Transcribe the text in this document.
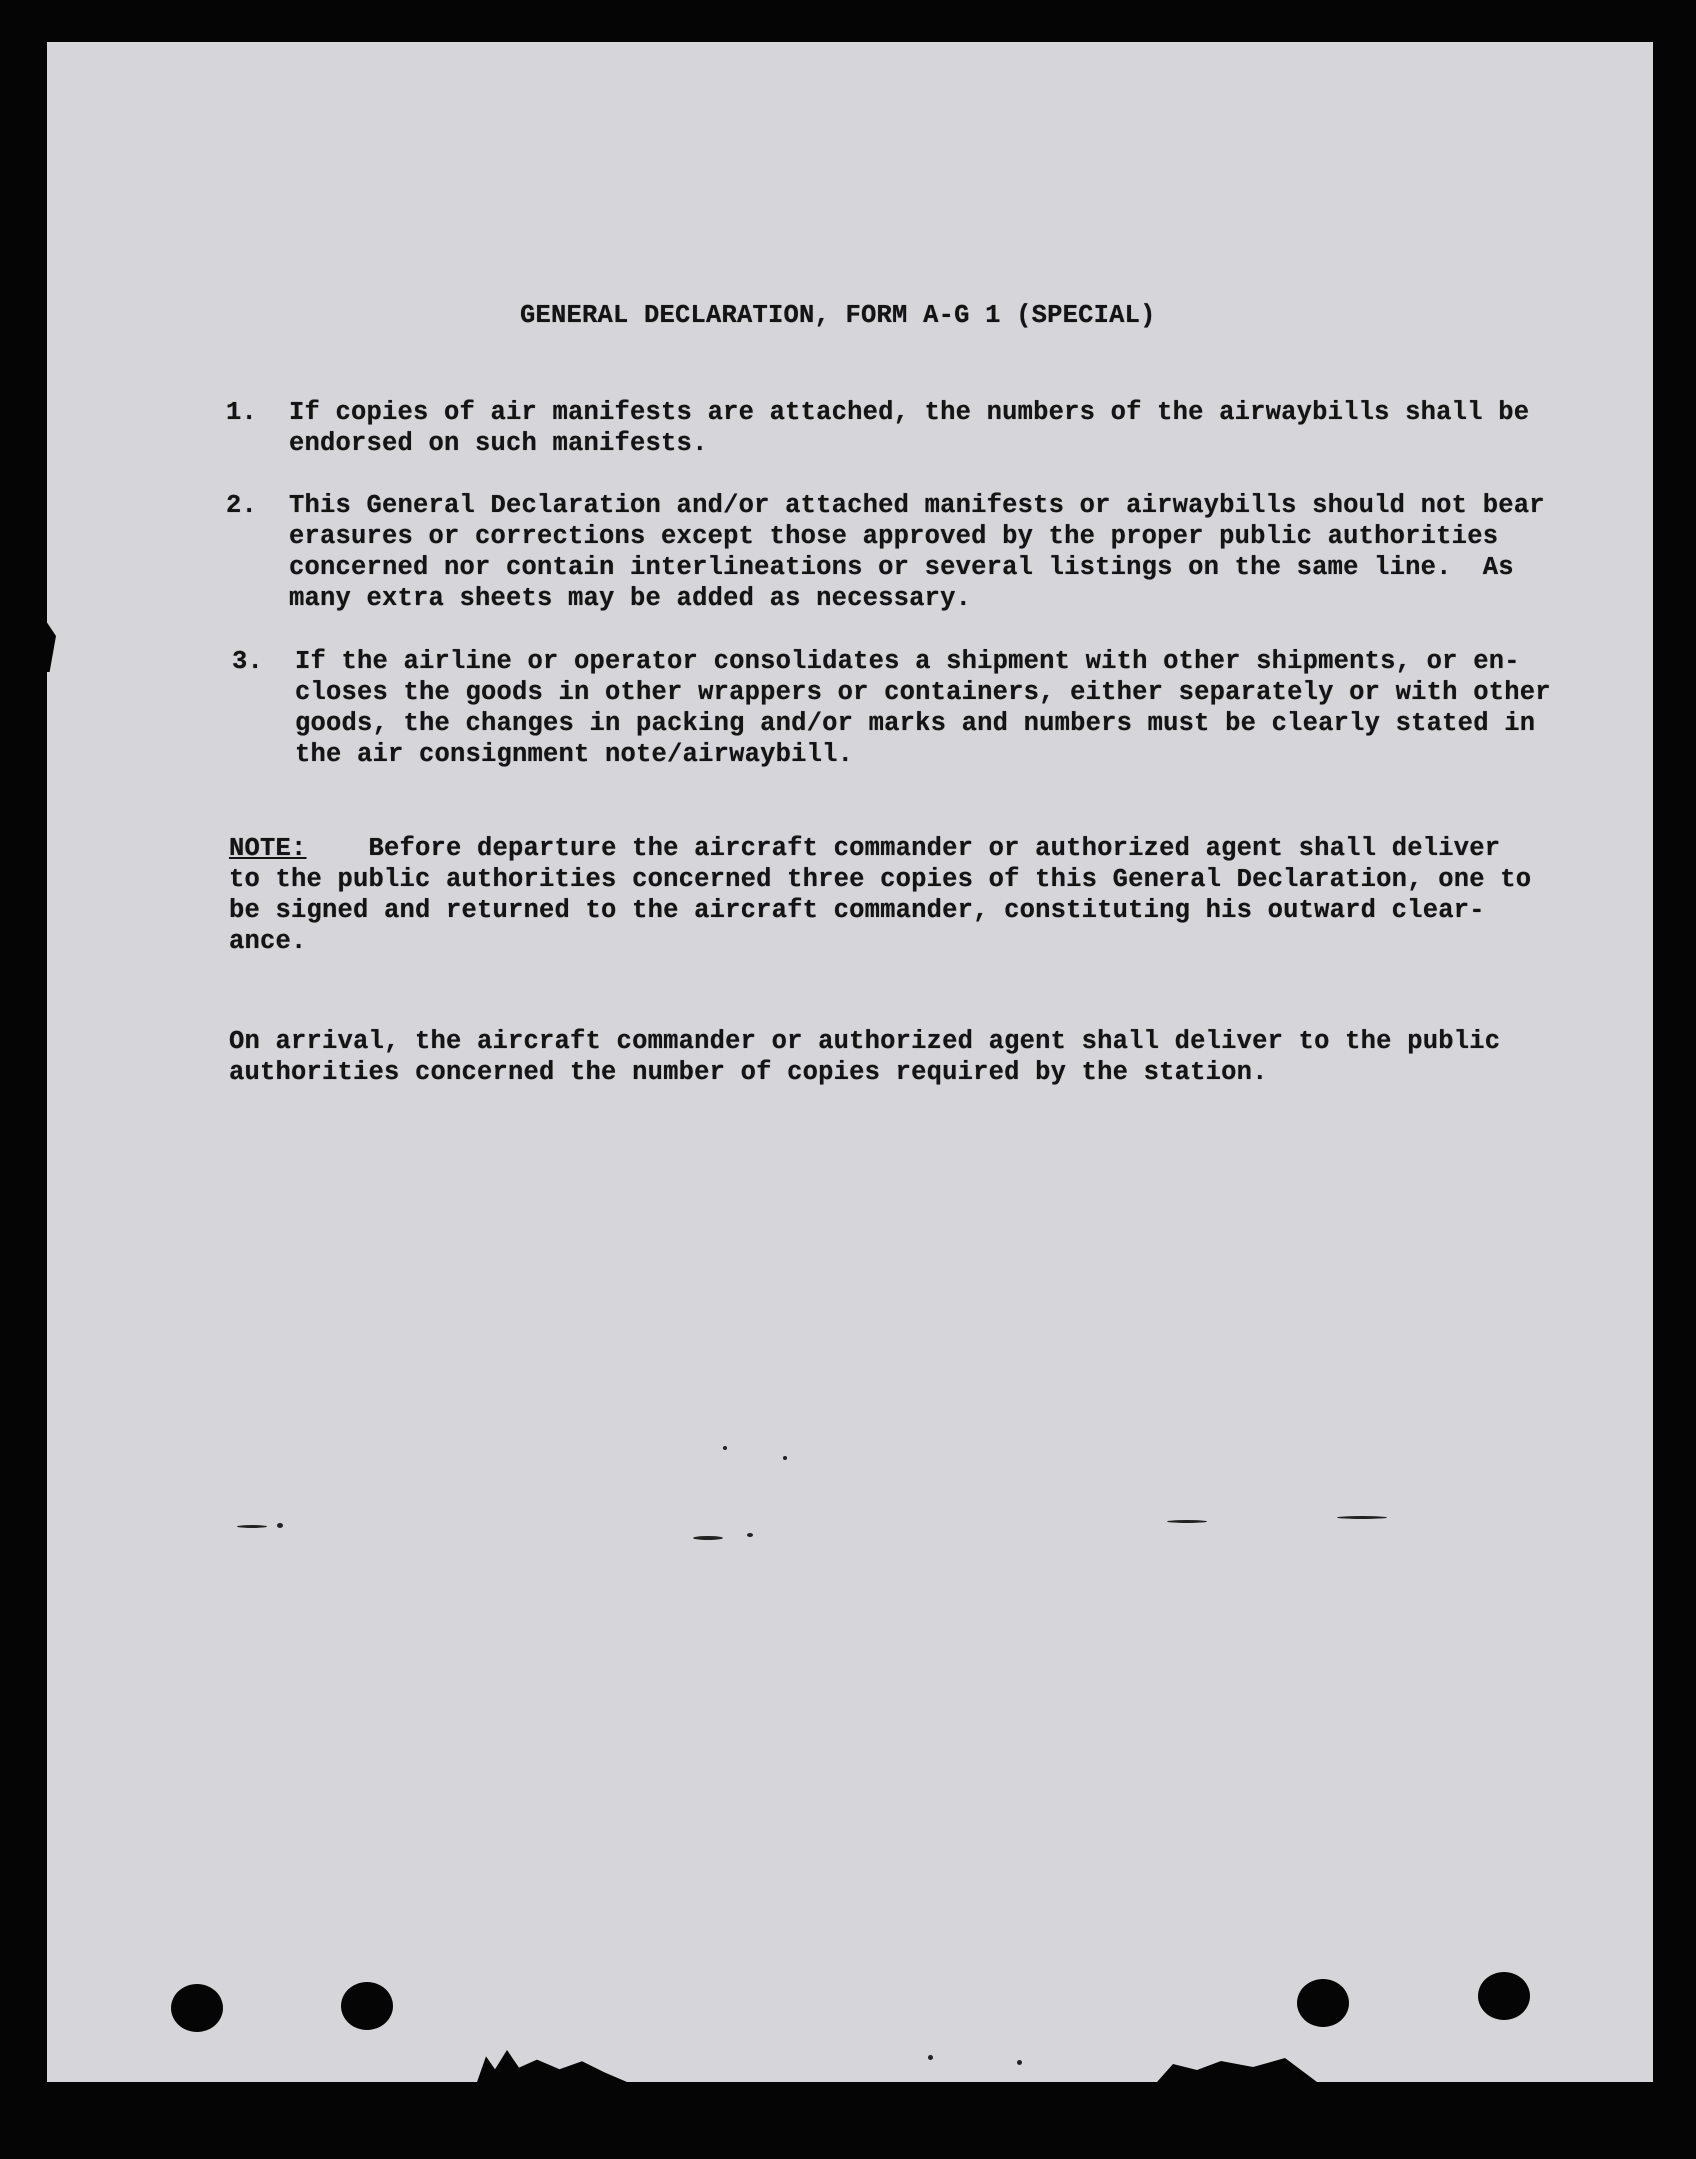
GENERAL DECLARATION, FORM A-G 1 (SPECIAL)
1. If copies of air manifests are attached, the numbers of the airwaybills shall be
endorsed on such manifests.
2. This General Declaration and/or attached manifests or airwaybills should not bear
erasures or corrections except those approved by the proper public authorities
concerned nor contain interlineations or several listings on the same line.  As
many extra sheets may be added as necessary.
3. If the airline or operator consolidates a shipment with other shipments, or en-
closes the goods in other wrappers or containers, either separately or with other
goods, the changes in packing and/or marks and numbers must be clearly stated in
the air consignment note/airwaybill.
NOTE: Before departure the aircraft commander or authorized agent shall deliver
to the public authorities concerned three copies of this General Declaration, one to
be signed and returned to the aircraft commander, constituting his outward clear-
ance.
On arrival, the aircraft commander or authorized agent shall deliver to the public
authorities concerned the number of copies required by the station.
